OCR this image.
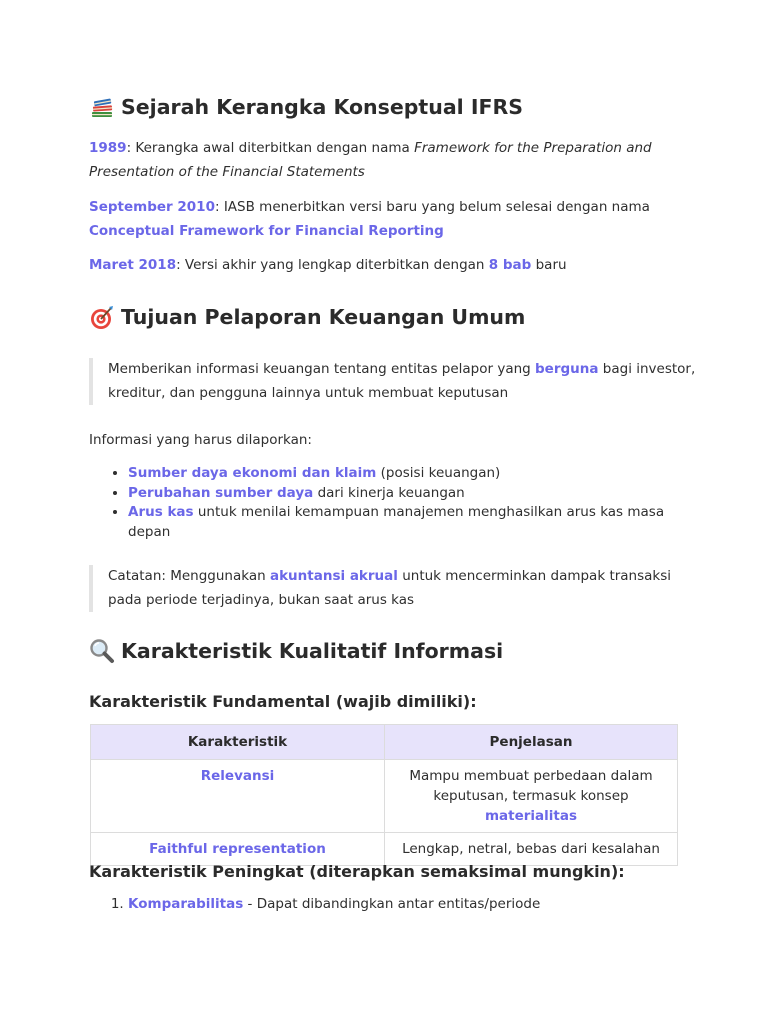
Sejarah Kerangka Konseptual IFRS

1989: Kerangka awal diterbitkan dengan nama Framework for the Preparation and Presentation of the Financial Statements

September 2010: IASB menerbitkan versi baru yang belum selesai dengan nama Conceptual Framework for Financial Reporting

Maret 2018: Versi akhir yang lengkap diterbitkan dengan 8 bab baru

Tujuan Pelaporan Keuangan Umum
Memberikan informasi keuangan tentang entitas pelapor yang berguna bagi investor, kreditur, dan pengguna lainnya untuk membuat keputusan

Informasi yang harus dilaporkan:

• Sumber daya ekonomi dan klaim (posisi keuangan)
• Perubahan sumber daya dari kinerja keuangan
• Arus kas untuk menilai kemampuan manajemen menghasilkan arus kas masa depan
Catatan: Menggunakan akuntansi akrual untuk mencerminkan dampak transaksi pada periode terjadinya, bukan saat arus kas
Karakteristik Kualitatif Informasi
Karakteristik Fundamental (wajib dimiliki):
Karakteristik	Penjelasan
Relevansi	Mampu membuat perbedaan dalam keputusan, termasuk konsep materialitas
Faithful representation	Lengkap, netral, bebas dari kesalahan
Karakteristik Peningkat (diterapkan semaksimal mungkin):
1. Komparabilitas - Dapat dibandingkan antar entitas/periode
